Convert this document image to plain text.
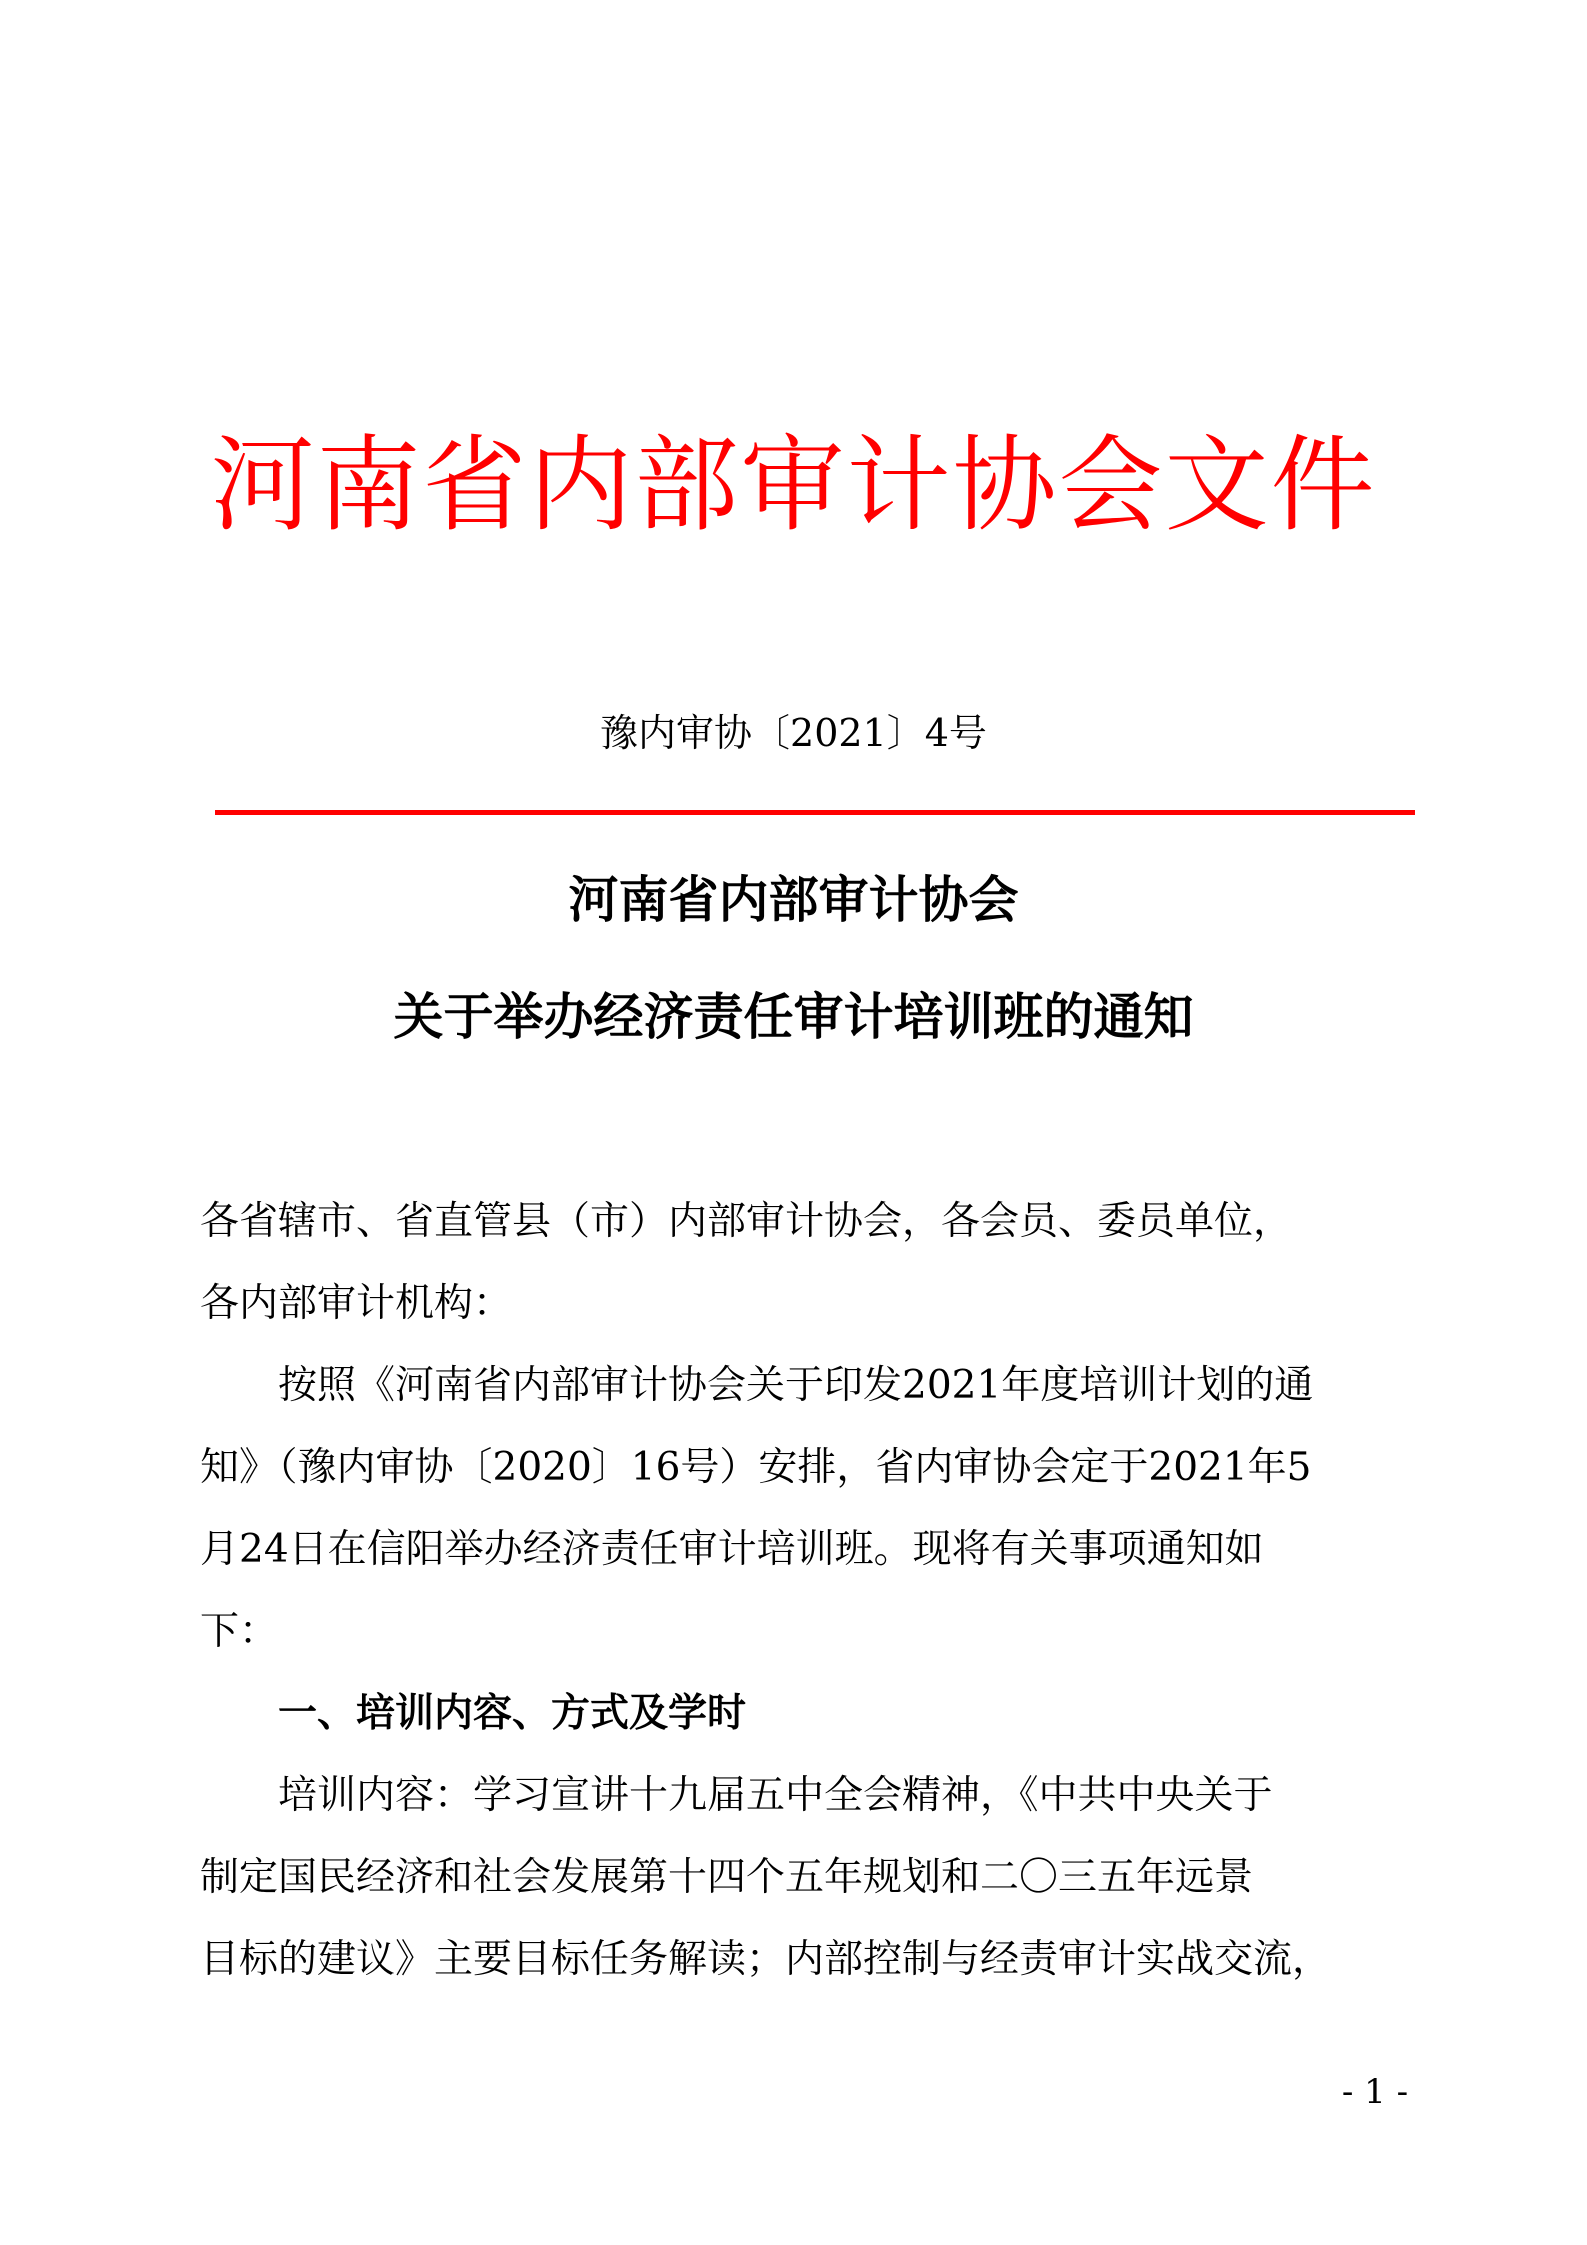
河南省内部审计协会文件
豫内审协〔2021〕4号
河南省内部审计协会
关于举办经济责任审计培训班的通知
各省辖市、省直管县（市）内部审计协会，各会员、委员单位，
各内部审计机构：
　　按照《河南省内部审计协会关于印发2021年度培训计划的通
知》（豫内审协〔2020〕16号）安排，省内审协会定于2021年5
月24日在信阳举办经济责任审计培训班。现将有关事项通知如
下：
　　一、培训内容、方式及学时
　　培训内容：学习宣讲十九届五中全会精神，《中共中央关于
制定国民经济和社会发展第十四个五年规划和二〇三五年远景
目标的建议》主要目标任务解读；内部控制与经责审计实战交流，
- 1 -
